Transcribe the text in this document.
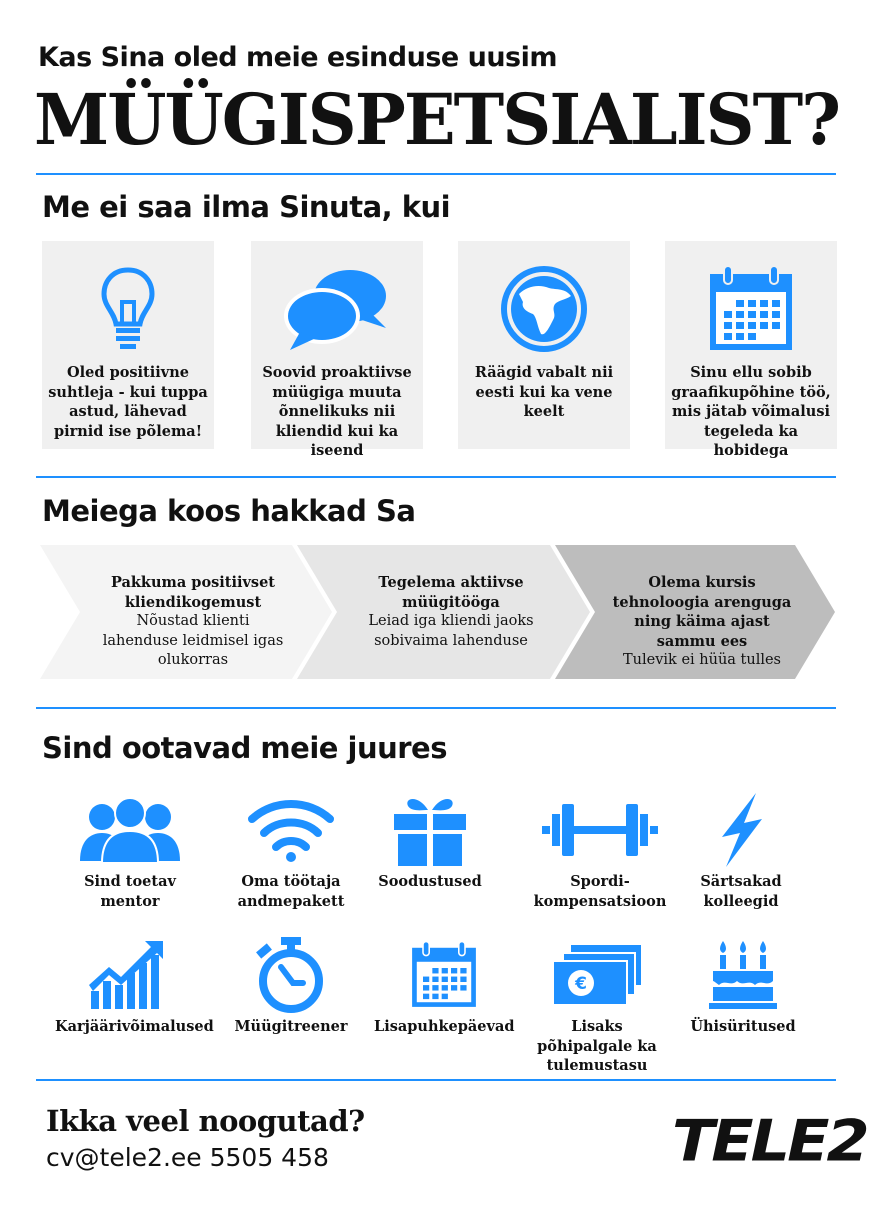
Kas Sina oled meie esinduse uusim
MÜÜGISPETSIALIST?
Me ei saa ilma Sinuta, kui
Oled positiivne suhtleja - kui tuppa astud, lähevad pirnid ise põlema!
Soovid proaktiivse müügiga muuta õnnelikuks nii kliendid kui ka iseend
Räägid vabalt nii eesti kui ka vene keelt
Sinu ellu sobib graafikupõhine töö, mis jätab võimalusi tegeleda ka hobidega
Meiega koos hakkad Sa
Pakkuma positiivset kliendikogemust
Nõustad klienti lahenduse leidmisel igas olukorras
Tegelema aktiivse müügitööga
Leiad iga kliendi jaoks sobivaima lahenduse
Olema kursis tehnoloogia arenguga ning käima ajast sammu ees
Tulevik ei hüüa tulles
Sind ootavad meie juures
Sind toetav mentor
Oma töötaja andmepakett
Soodustused	Spordi-kompensatsioon
Särtsakad kolleegid
Karjäärivõimalused	Müügitreener	Lisapuhkepäevad
€
Lisaks põhipalgale ka tulemustasu
Ühisüritused
Ikka veel noogutad?
cv@tele2.ee 5505 458	TELE2
